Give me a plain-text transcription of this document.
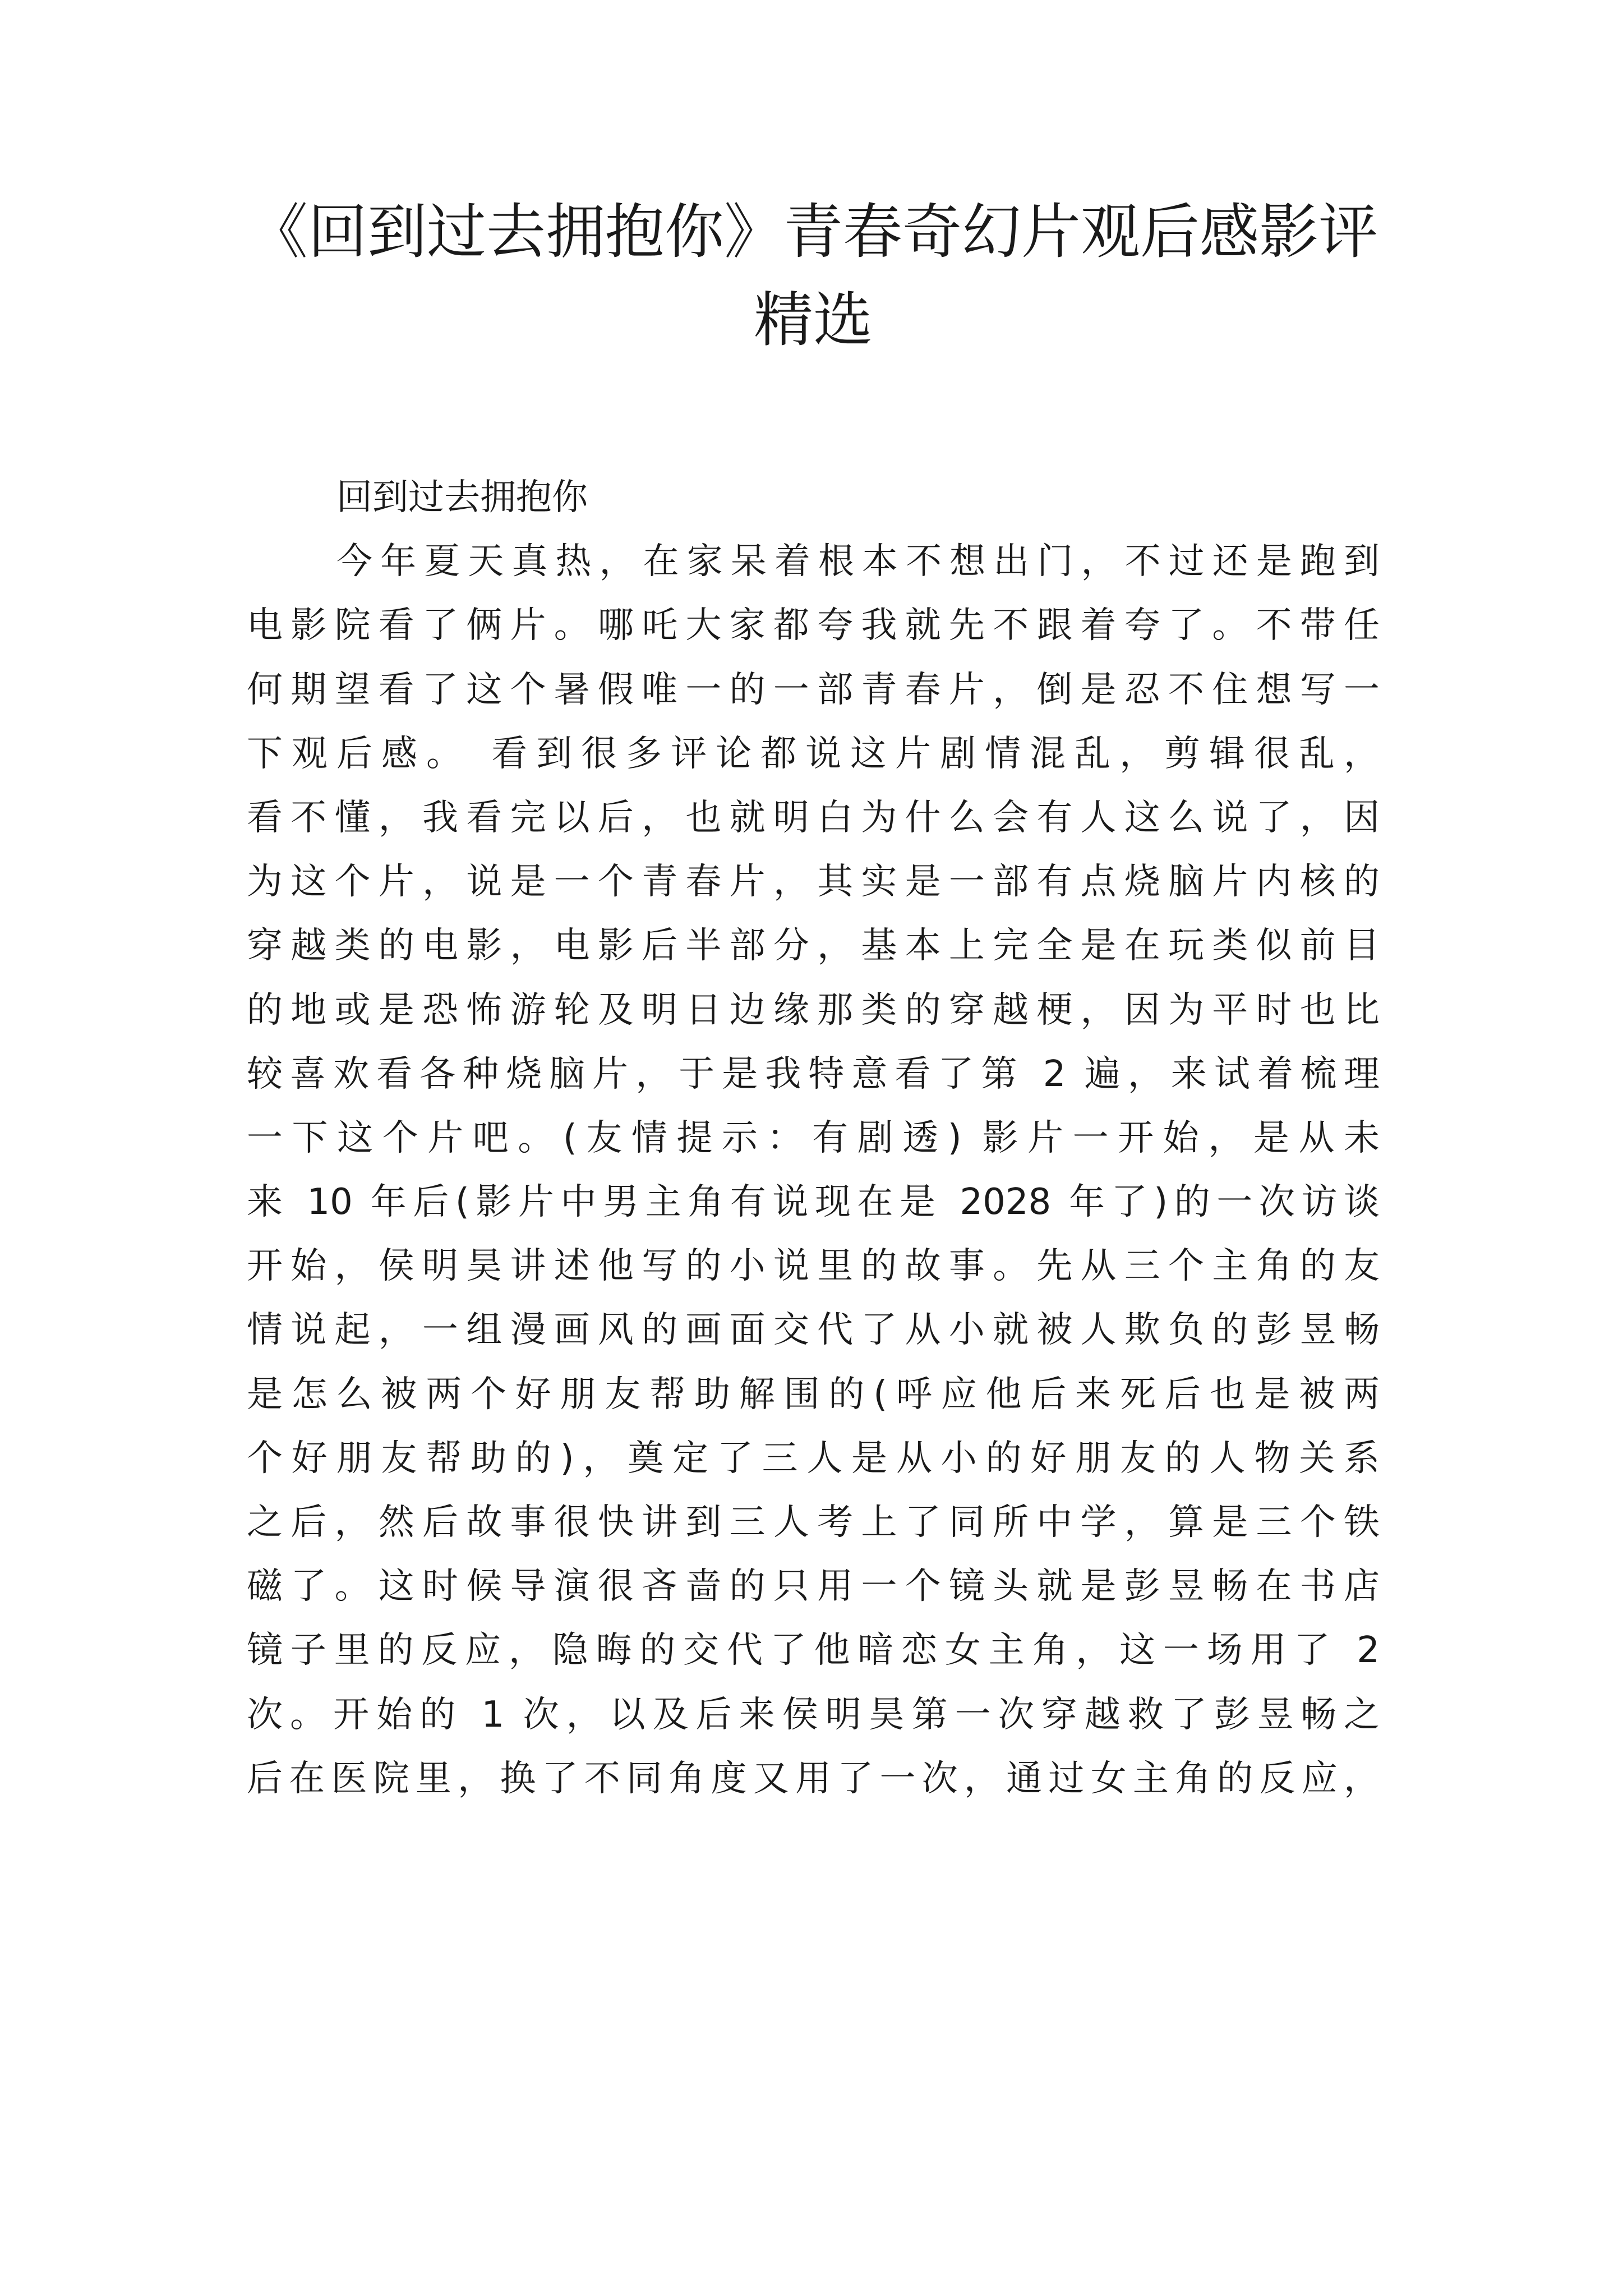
《回到过去拥抱你》青春奇幻片观后感影评
精选
回到过去拥抱你
今年夏天真热，在家呆着根本不想出门，不过还是跑到
电影院看了俩片。哪吒大家都夸我就先不跟着夸了。不带任
何期望看了这个暑假唯一的一部青春片，倒是忍不住想写一
下观后感。 看到很多评论都说这片剧情混乱，剪辑很乱，
看不懂，我看完以后，也就明白为什么会有人这么说了，因
为这个片，说是一个青春片，其实是一部有点烧脑片内核的
穿越类的电影，电影后半部分，基本上完全是在玩类似前目
的地或是恐怖游轮及明日边缘那类的穿越梗，因为平时也比
较喜欢看各种烧脑片，于是我特意看了第 2 遍，来试着梳理
一下这个片吧。(友情提示：有剧透) 影片一开始，是从未
来 10 年后(影片中男主角有说现在是 2028 年了)的一次访谈
开始，侯明昊讲述他写的小说里的故事。先从三个主角的友
情说起，一组漫画风的画面交代了从小就被人欺负的彭昱畅
是怎么被两个好朋友帮助解围的(呼应他后来死后也是被两
个好朋友帮助的)，奠定了三人是从小的好朋友的人物关系
之后，然后故事很快讲到三人考上了同所中学，算是三个铁
磁了。这时候导演很吝啬的只用一个镜头就是彭昱畅在书店
镜子里的反应，隐晦的交代了他暗恋女主角，这一场用了 2
次。开始的 1 次，以及后来侯明昊第一次穿越救了彭昱畅之
后在医院里，换了不同角度又用了一次，通过女主角的反应，
